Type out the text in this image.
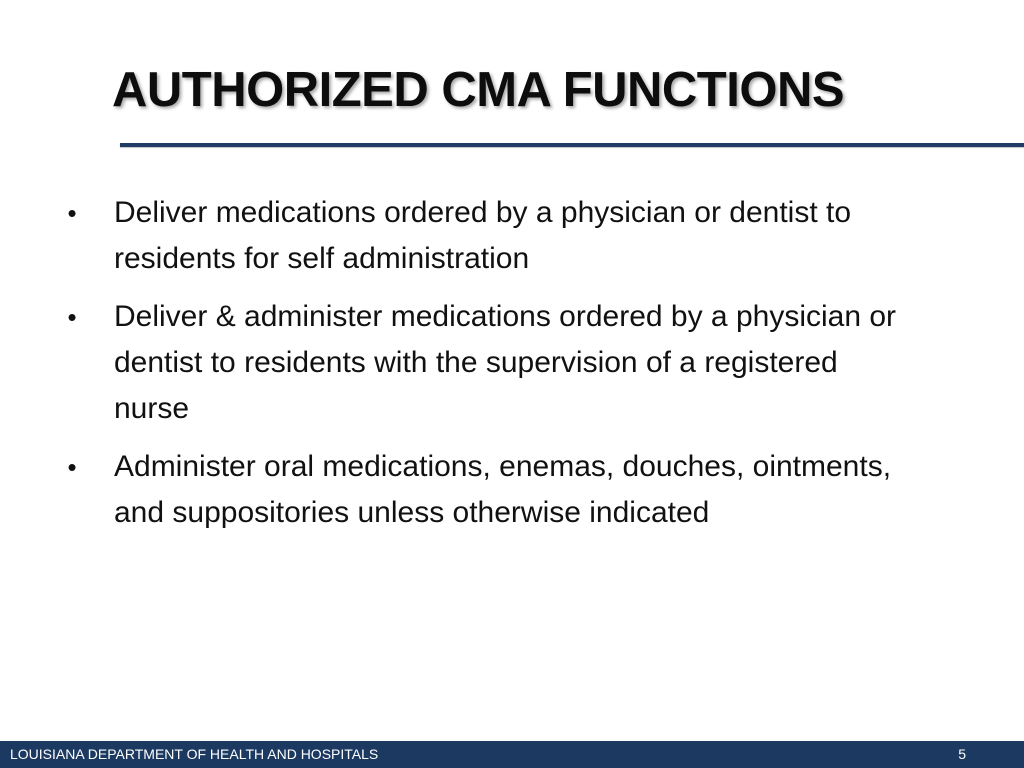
AUTHORIZED CMA FUNCTIONS
• Deliver medications ordered by a physician or dentist to residents for self administration
• Deliver & administer medications ordered by a physician or dentist to residents with the supervision of a registered nurse
• Administer oral medications, enemas, douches, ointments, and suppositories unless otherwise indicated
LOUISIANA DEPARTMENT OF HEALTH AND HOSPITALS	5
